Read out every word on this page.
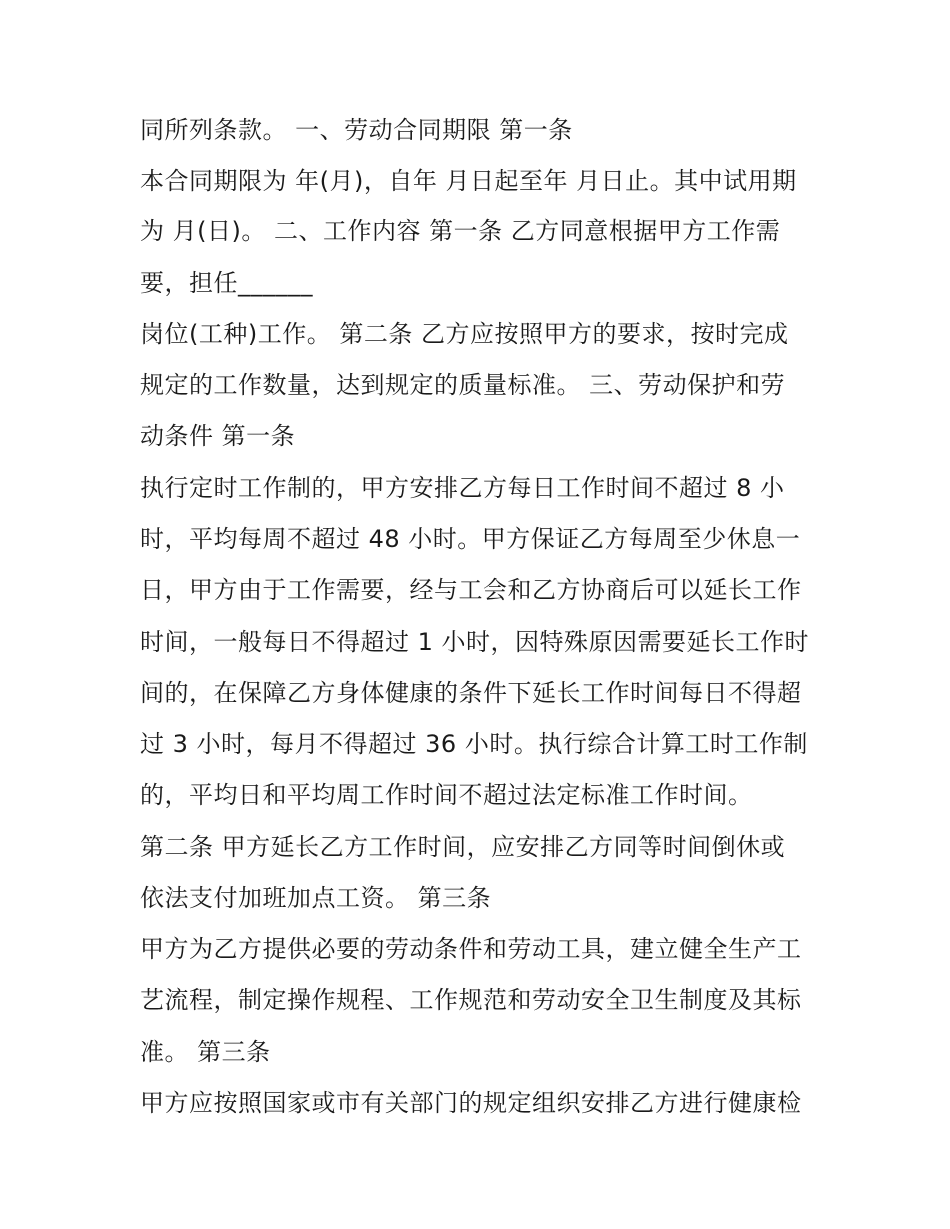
同所列条款。 一、劳动合同期限 第一条
本合同期限为 年(月)，自年 月日起至年 月日止。其中试用期
为 月(日)。 二、工作内容 第一条 乙方同意根据甲方工作需
要，担任______
岗位(工种)工作。 第二条 乙方应按照甲方的要求，按时完成
规定的工作数量，达到规定的质量标准。 三、劳动保护和劳
动条件 第一条
执行定时工作制的，甲方安排乙方每日工作时间不超过 8 小
时，平均每周不超过 48 小时。甲方保证乙方每周至少休息一
日，甲方由于工作需要，经与工会和乙方协商后可以延长工作
时间，一般每日不得超过 1 小时，因特殊原因需要延长工作时
间的，在保障乙方身体健康的条件下延长工作时间每日不得超
过 3 小时，每月不得超过 36 小时。执行综合计算工时工作制
的，平均日和平均周工作时间不超过法定标准工作时间。
第二条 甲方延长乙方工作时间，应安排乙方同等时间倒休或
依法支付加班加点工资。 第三条
甲方为乙方提供必要的劳动条件和劳动工具，建立健全生产工
艺流程，制定操作规程、工作规范和劳动安全卫生制度及其标
准。 第三条
甲方应按照国家或市有关部门的规定组织安排乙方进行健康检
